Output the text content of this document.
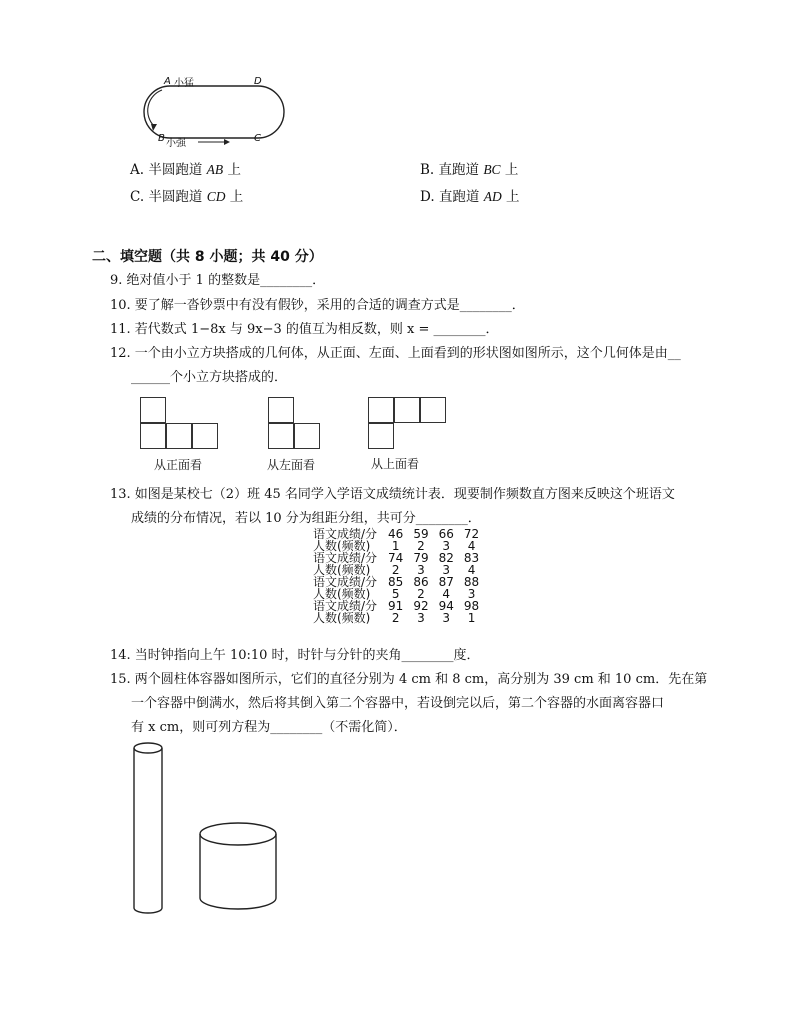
A 小猛	D
B 小强	C
A. 半圆跑道 AB 上	B. 直跑道 BC 上
C. 半圆跑道 CD 上	D. 直跑道 AD 上
二、填空题（共 8 小题；共 40 分）
9. 绝对值小于 1 的整数是________．
10. 要了解一沓钞票中有没有假钞，采用的合适的调查方式是________．
11. 若代数式 1−8x 与 9x−3 的值互为相反数，则 x = ________．
12. 一个由小立方块搭成的几何体，从正面、左面、上面看到的形状图如图所示，这个几何体是由__
______个小立方块搭成的．
从正面看	从左面看	从上面看
13. 如图是某校七（2）班 45 名同学入学语文成绩统计表．现要制作频数直方图来反映这个班语文
成绩的分布情况，若以 10 分为组距分组，共可分________．
语文成绩/分	46	59	66	72
人数(频数)	1	2	3	4
语文成绩/分	74	79	82	83
人数(频数)	2	3	3	4
语文成绩/分	85	86	87	88
人数(频数)	5	2	4	3
语文成绩/分	91	92	94	98
人数(频数)	2	3	3	1
14. 当时钟指向上午 10:10 时，时针与分针的夹角________度．
15. 两个圆柱体容器如图所示，它们的直径分别为 4 cm 和 8 cm，高分别为 39 cm 和 10 cm．先在第
一个容器中倒满水，然后将其倒入第二个容器中，若设倒完以后，第二个容器的水面离容器口
有 x cm，则可列方程为________（不需化简）．
